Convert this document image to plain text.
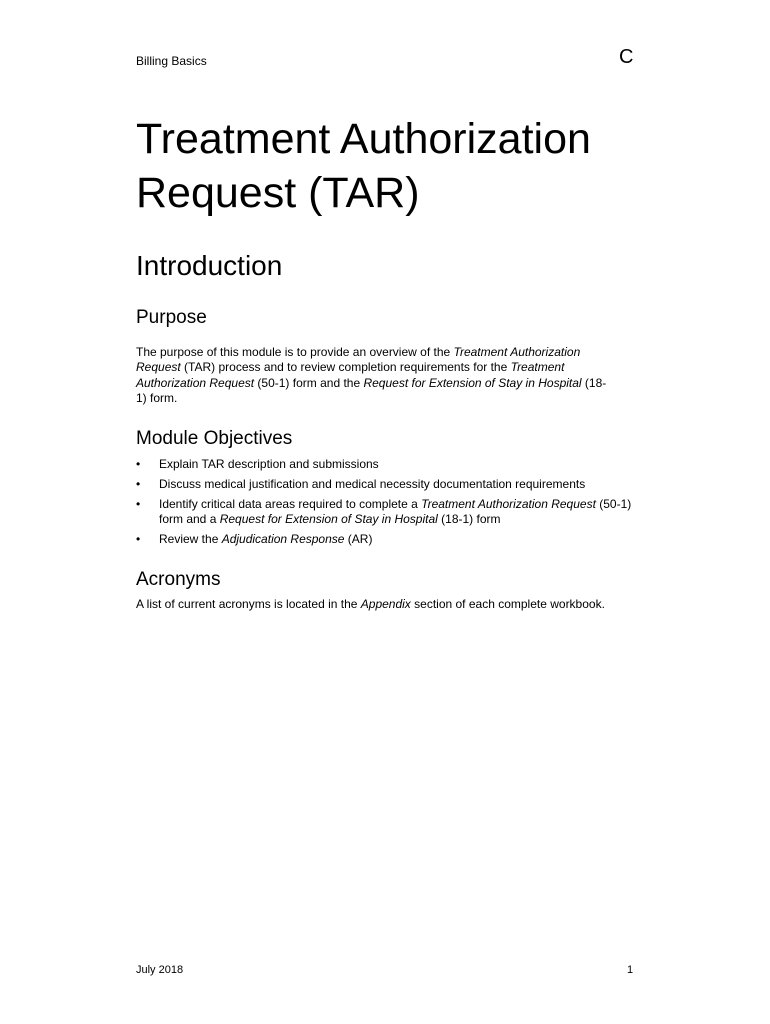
Billing Basics	C
Treatment Authorization
Request (TAR)
Introduction
Purpose

The purpose of this module is to provide an overview of the Treatment Authorization Request (TAR) process and to review completion requirements for the Treatment Authorization Request (50-1) form and the Request for Extension of Stay in Hospital (18-1) form.

Module Objectives
• Explain TAR description and submissions
• Discuss medical justification and medical necessity documentation requirements
• Identify critical data areas required to complete a Treatment Authorization Request (50-1) form and a Request for Extension of Stay in Hospital (18-1) form
• Review the Adjudication Response (AR)
Acronyms

A list of current acronyms is located in the Appendix section of each complete workbook.

July 2018	1
